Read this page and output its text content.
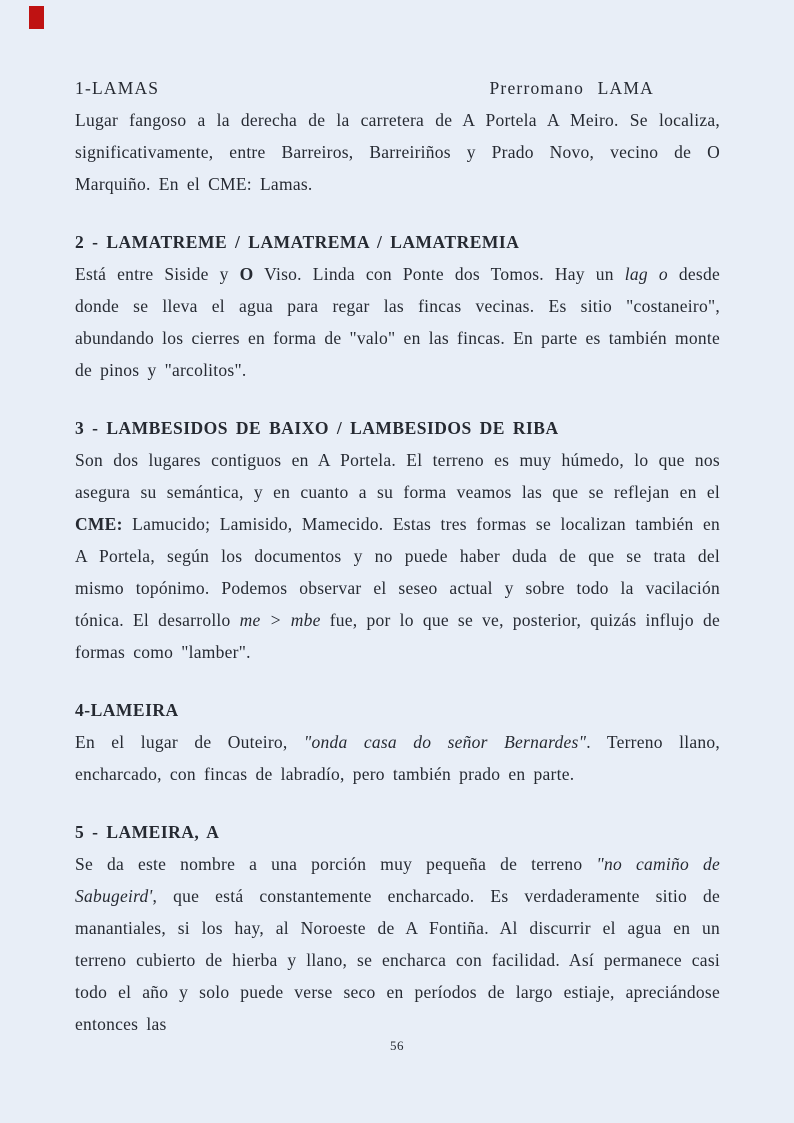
1-LAMAS	Prerromano LAMA

Lugar fangoso a la derecha de la carretera de A Portela A Meiro. Se localiza, significativamente, entre Barreiros, Barreiriños y Prado Novo, vecino de O Marquiño. En el CME: Lamas.

2 - LAMATREME / LAMATREMA / LAMATREMIA

Está entre Siside y O Viso. Linda con Ponte dos Tomos. Hay un lag o desde donde se lleva el agua para regar las fincas vecinas. Es sitio "costaneiro", abundando los cierres en forma de "valo" en las fincas. En parte es también monte de pinos y "arcolitos".

3 - LAMBESIDOS DE BAIXO / LAMBESIDOS DE RIBA

Son dos lugares contiguos en A Portela. El terreno es muy húmedo, lo que nos asegura su semántica, y en cuanto a su forma veamos las que se reflejan en el CME: Lamucido; Lamisido, Mamecido. Estas tres formas se localizan también en A Portela, según los documentos y no puede haber duda de que se trata del mismo topónimo. Podemos observar el seseo actual y sobre todo la vacilación tónica. El desarrollo me > mbe fue, por lo que se ve, posterior, quizás influjo de formas como "lamber".

4-LAMEIRA

En el lugar de Outeiro, "onda casa do señor Bernardes". Terreno llano, encharcado, con fincas de labradío, pero también prado en parte.

5 - LAMEIRA, A

Se da este nombre a una porción muy pequeña de terreno "no camiño de Sabugeird', que está constantemente encharcado. Es verdaderamente sitio de manantiales, si los hay, al Noroeste de A Fontiña. Al discurrir el agua en un terreno cubierto de hierba y llano, se encharca con facilidad. Así permanece casi todo el año y solo puede verse seco en períodos de largo estiaje, apreciándose entonces las

56
